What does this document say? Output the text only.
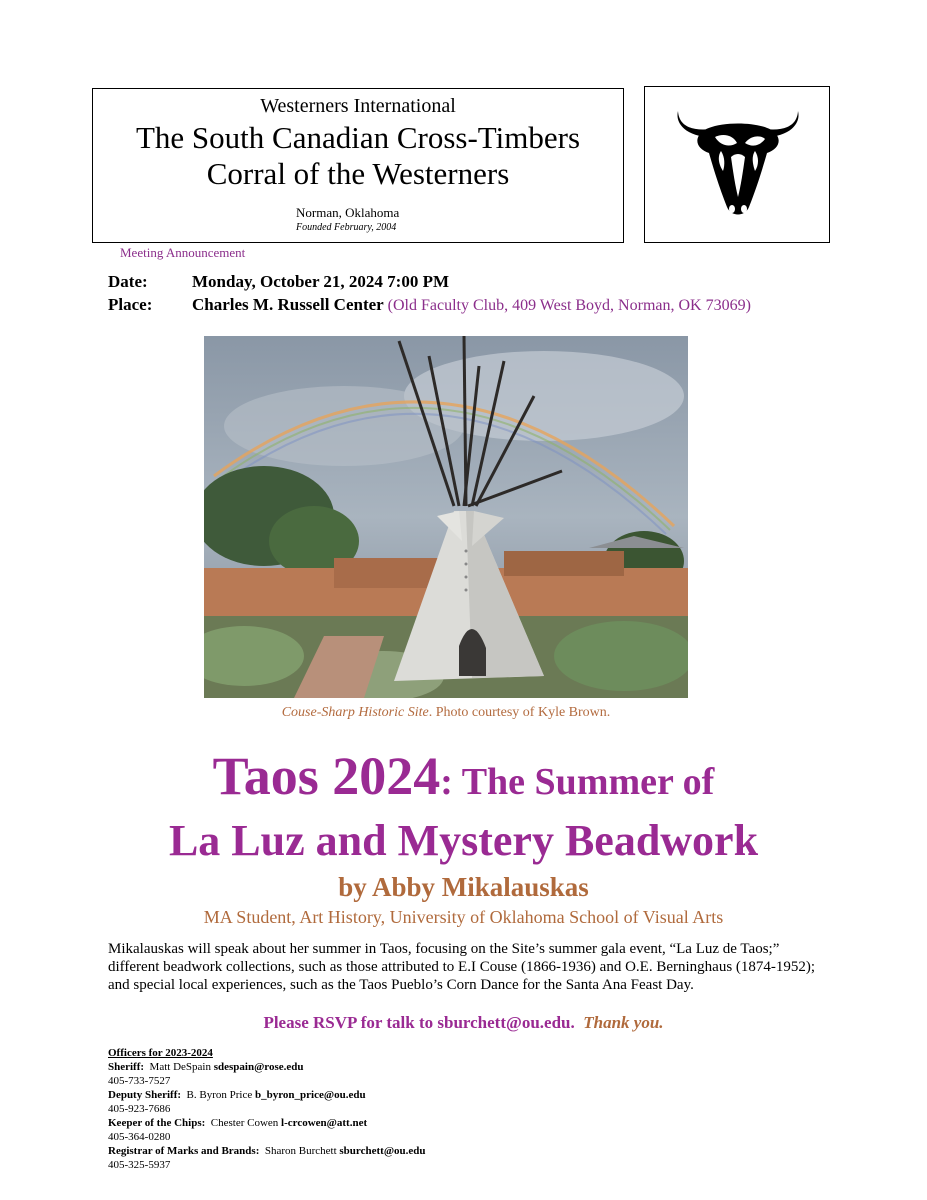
Westerners International
The South Canadian Cross-Timbers
Corral of the Westerners
Norman, Oklahoma
Founded February, 2004
Meeting Announcement
Date:	Monday, October 21, 2024 7:00 PM
Place: Charles M. Russell Center (Old Faculty Club, 409 West Boyd, Norman, OK 73069)
Couse-Sharp Historic Site. Photo courtesy of Kyle Brown.
Taos 2024: The Summer of
La Luz and Mystery Beadwork
by Abby Mikalauskas
MA Student, Art History, University of Oklahoma School of Visual Arts
Mikalauskas will speak about her summer in Taos, focusing on the Site’s summer gala event, “La Luz de Taos;” different beadwork collections, such as those attributed to E.I Couse (1866-1936) and O.E. Berninghaus (1874-1952); and special local experiences, such as the Taos Pueblo’s Corn Dance for the Santa Ana Feast Day.
Please RSVP for talk to sburchett@ou.edu. Thank you.
Officers for 2023-2024
Sheriff: Matt DeSpain sdespain@rose.edu
405-733-7527
Deputy Sheriff: B. Byron Price b_byron_price@ou.edu
405-923-7686
Keeper of the Chips: Chester Cowen l-crcowen@att.net
405-364-0280
Registrar of Marks and Brands: Sharon Burchett sburchett@ou.edu
405-325-5937
